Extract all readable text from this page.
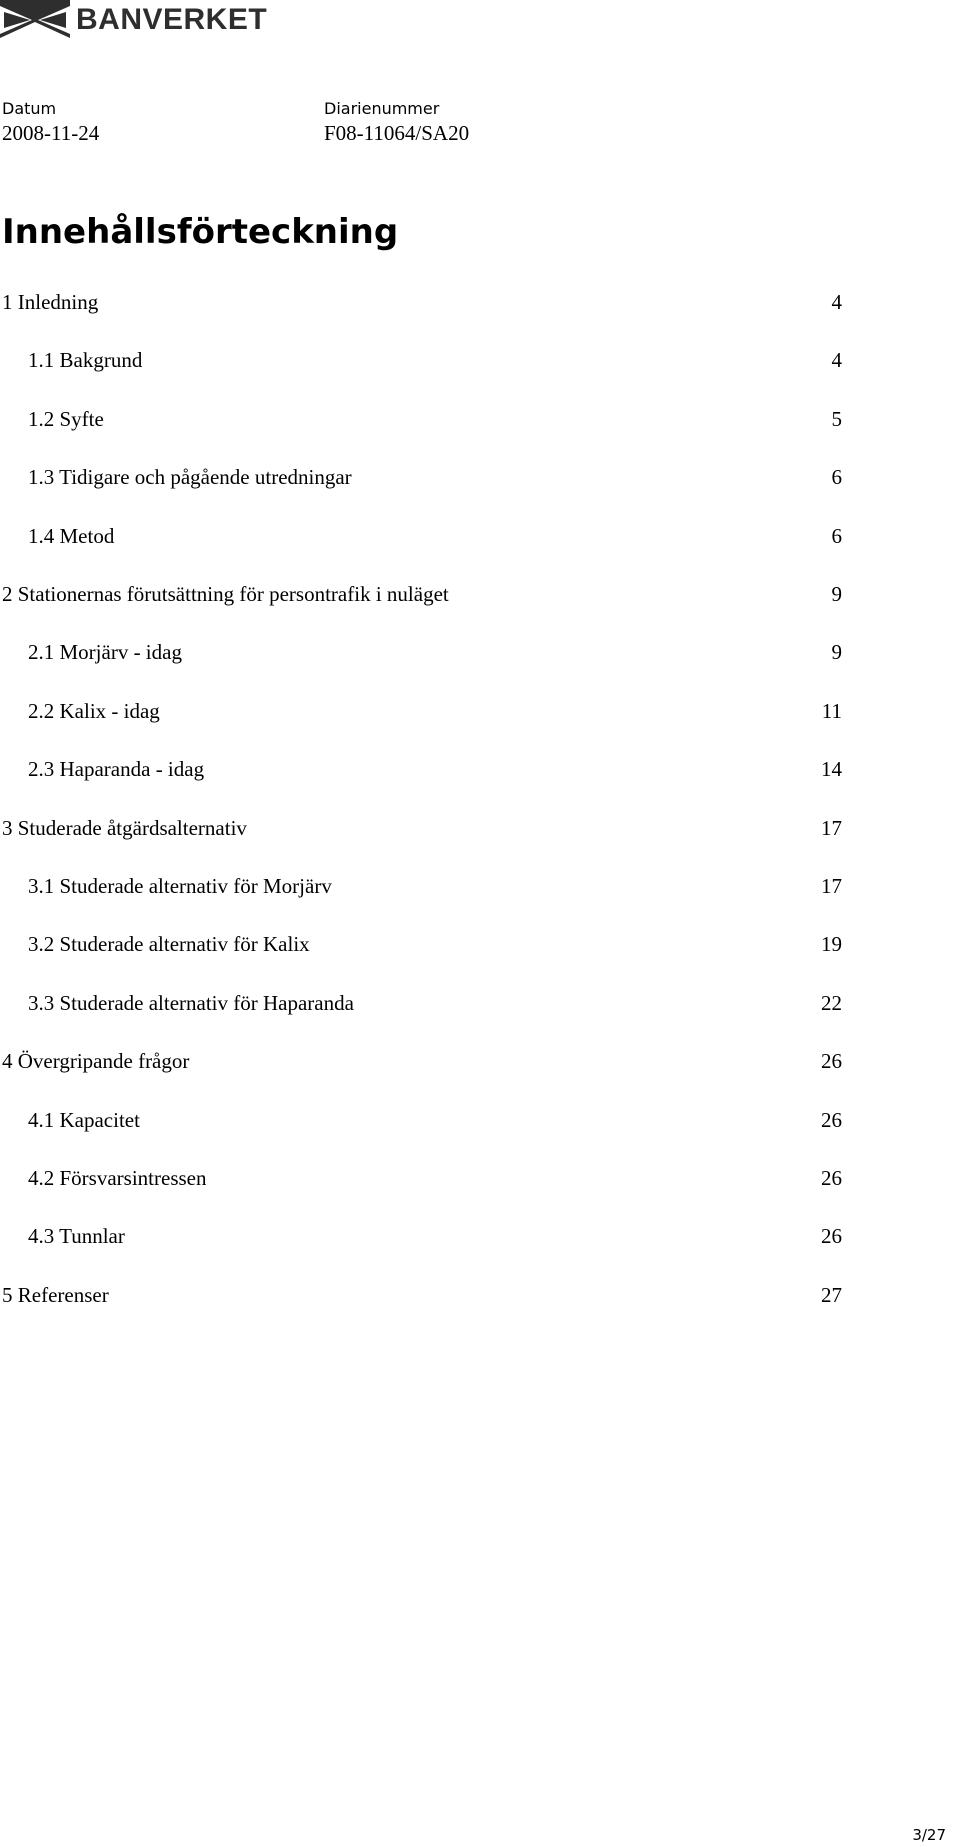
BANVERKET
Datum	Diarienummer
2008-11-24	F08-11064/SA20
Innehållsförteckning
1 Inledning	4
1.1 Bakgrund	4
1.2 Syfte	5
1.3 Tidigare och pågående utredningar	6
1.4 Metod	6
2 Stationernas förutsättning för persontrafik i nuläget	9
2.1 Morjärv - idag	9
2.2 Kalix - idag	11
2.3 Haparanda - idag	14
3 Studerade åtgärdsalternativ	17
3.1 Studerade alternativ för Morjärv	17
3.2 Studerade alternativ för Kalix	19
3.3 Studerade alternativ för Haparanda	22
4 Övergripande frågor	26
4.1 Kapacitet	26
4.2 Försvarsintressen	26
4.3 Tunnlar	26
5 Referenser	27
3/27
